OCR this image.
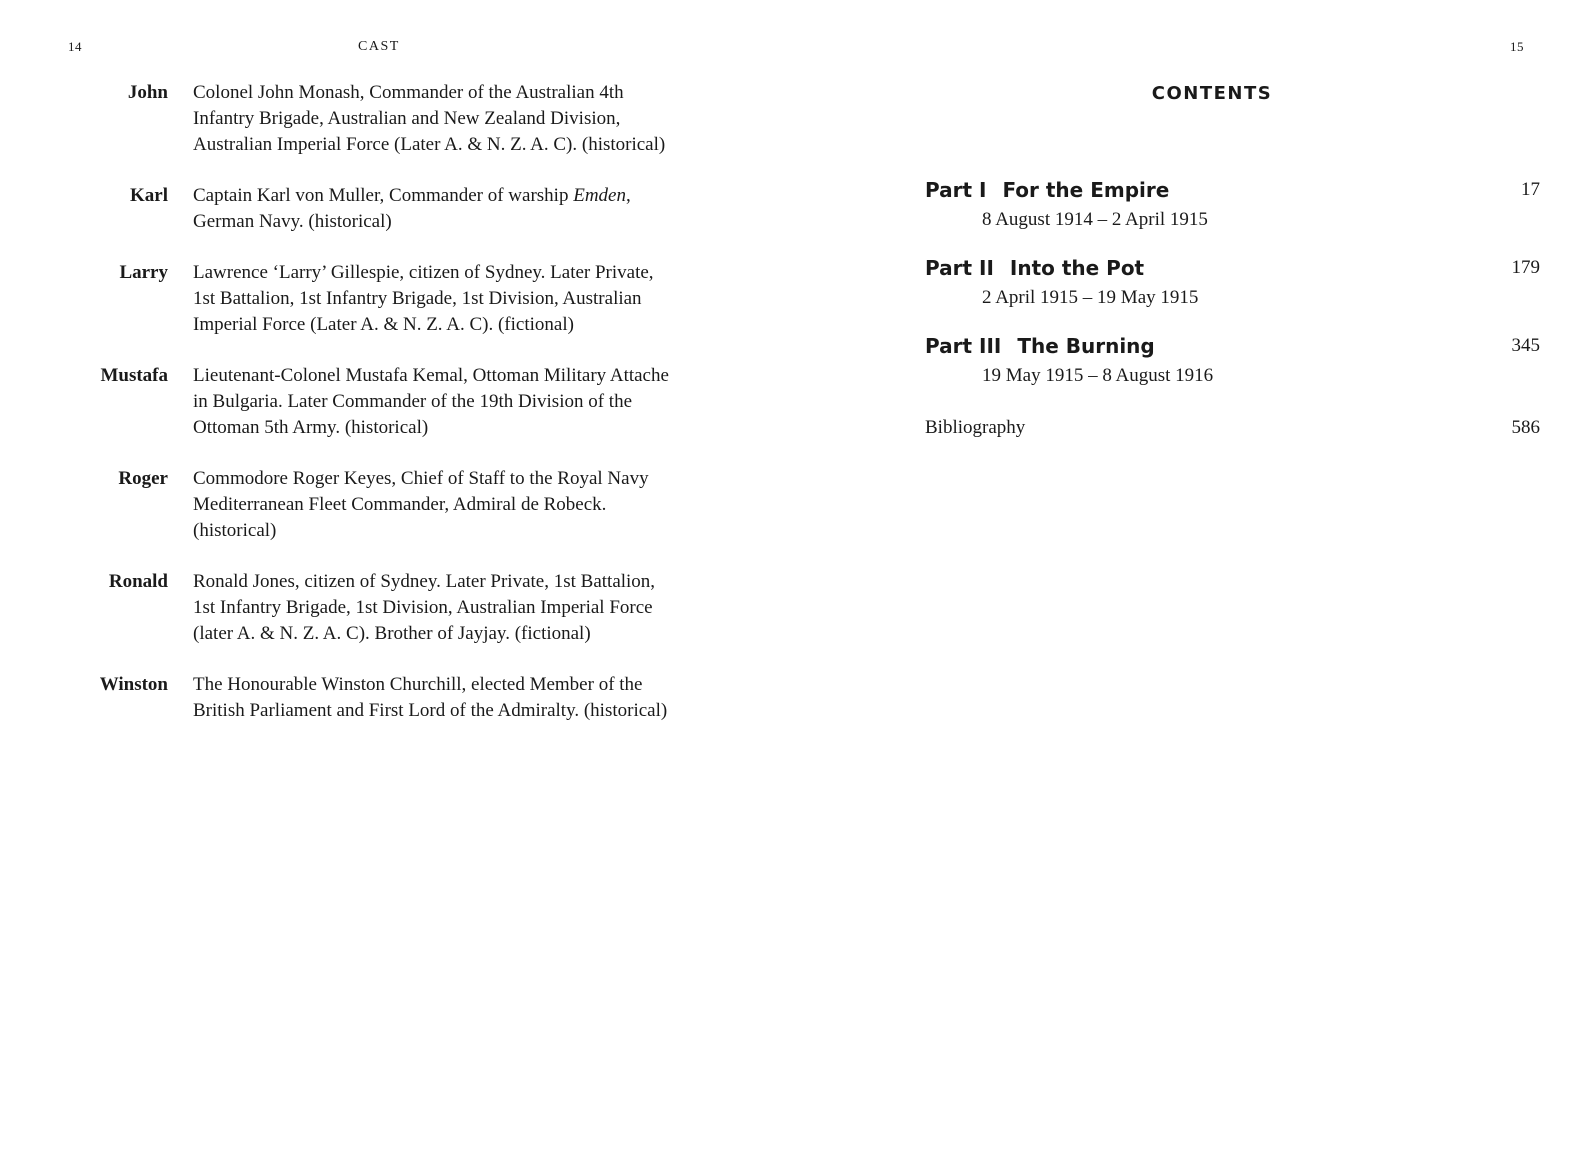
14	CAST
John Colonel John Monash, Commander of the Australian 4th
Infantry Brigade, Australian and New Zealand Division,
Australian Imperial Force (Later A. & N. Z. A. C). (historical)
Karl Captain Karl von Muller, Commander of warship Emden,
German Navy. (historical)
Larry Lawrence ‘Larry’ Gillespie, citizen of Sydney. Later Private,
1st Battalion, 1st Infantry Brigade, 1st Division, Australian
Imperial Force (Later A. & N. Z. A. C). (fictional)
Mustafa Lieutenant-Colonel Mustafa Kemal, Ottoman Military Attache
in Bulgaria. Later Commander of the 19th Division of the
Ottoman 5th Army. (historical)
Roger Commodore Roger Keyes, Chief of Staff to the Royal Navy
Mediterranean Fleet Commander, Admiral de Robeck.
(historical)
Ronald Ronald Jones, citizen of Sydney. Later Private, 1st Battalion,
1st Infantry Brigade, 1st Division, Australian Imperial Force
(later A. & N. Z. A. C). Brother of Jayjay. (fictional)
Winston The Honourable Winston Churchill, elected Member of the
British Parliament and First Lord of the Admiralty. (historical)
15
CONTENTS
Part I For the Empire	17
8 August 1914 – 2 April 1915
Part II Into the Pot	179
2 April 1915 – 19 May 1915
Part III The Burning	345
19 May 1915 – 8 August 1916
Bibliography	586
